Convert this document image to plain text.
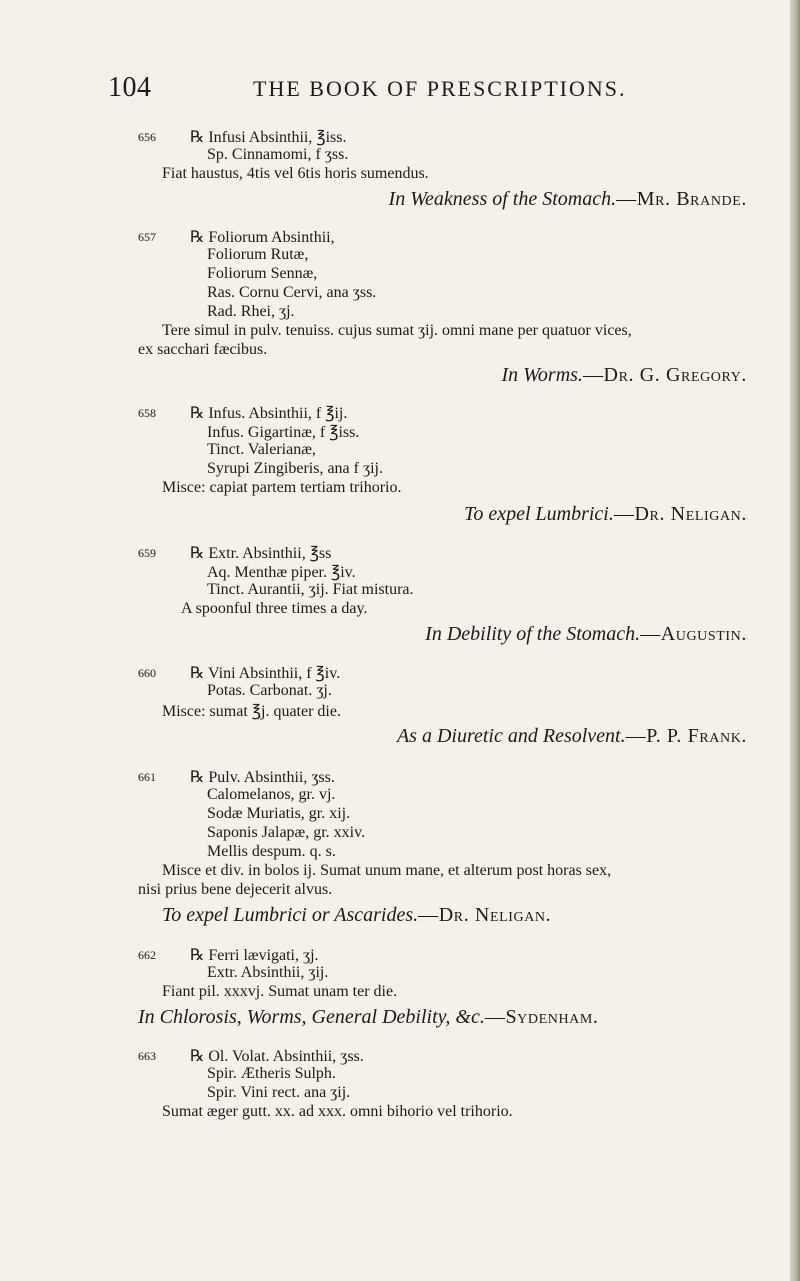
104	THE BOOK OF PRESCRIPTIONS.
656 ℞ Infusi Absinthii, ℥iss.
Sp. Cinnamomi, f ʒss.
Fiat haustus, 4tis vel 6tis horis sumendus.
In Weakness of the Stomach.—Mr. Brande.
657 ℞ Foliorum Absinthii,
Foliorum Rutæ,
Foliorum Sennæ,
Ras. Cornu Cervi, ana ʒss.
Rad. Rhei, ʒj.
Tere simul in pulv. tenuiss. cujus sumat ʒij. omni mane per quatuor vices,
ex sacchari fæcibus.
In Worms.—Dr. G. Gregory.
658 ℞ Infus. Absinthii, f ℥ij.
Infus. Gigartinæ, f ℥iss.
Tinct. Valerianæ,
Syrupi Zingiberis, ana f ʒij.
Misce: capiat partem tertiam trihorio.
To expel Lumbrici.—Dr. Neligan.
659 ℞ Extr. Absinthii, ℥ss
Aq. Menthæ piper. ℥iv.
Tinct. Aurantii, ʒij. Fiat mistura.
A spoonful three times a day.
In Debility of the Stomach.—Augustin.
660 ℞ Vini Absinthii, f ℥iv.
Potas. Carbonat. ʒj.
Misce: sumat ℥j. quater die.
As a Diuretic and Resolvent.—P. P. Frank.
661 ℞ Pulv. Absinthii, ʒss.
Calomelanos, gr. vj.
Sodæ Muriatis, gr. xij.
Saponis Jalapæ, gr. xxiv.
Mellis despum. q. s.
Misce et div. in bolos ij. Sumat unum mane, et alterum post horas sex,
nisi prius bene dejecerit alvus.
To expel Lumbrici or Ascarides.—Dr. Neligan.
662 ℞ Ferri lævigati, ʒj.
Extr. Absinthii, ʒij.
Fiant pil. xxxvj. Sumat unam ter die.
In Chlorosis, Worms, General Debility, &c.—Sydenham.
663 ℞ Ol. Volat. Absinthii, ʒss.
Spir. Ætheris Sulph.
Spir. Vini rect. ana ʒij.
Sumat æger gutt. xx. ad xxx. omni bihorio vel trihorio.
